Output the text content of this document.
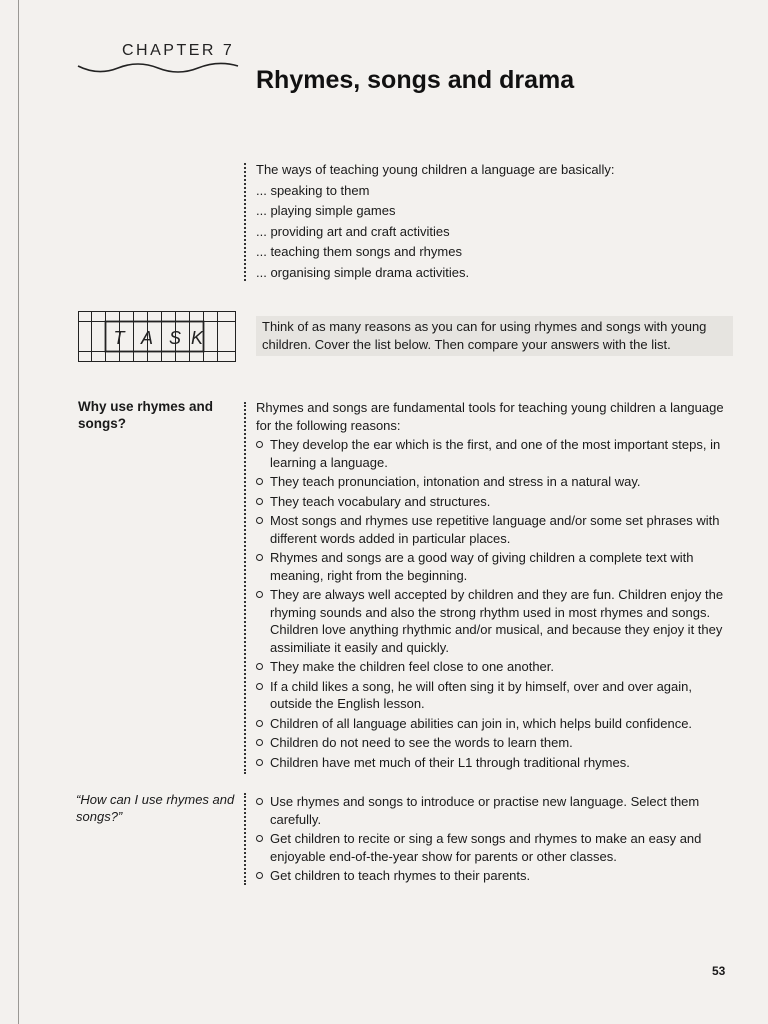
CHAPTER 7
Rhymes, songs and drama

The ways of teaching young children a language are basically:

... speaking to them

... playing simple games

... providing art and craft activities

... teaching them songs and rhymes

... organising simple drama activities.

T A S K
Think of as many reasons as you can for using rhymes and songs with young children. Cover the list below. Then compare your answers with the list.
Why use rhymes and songs?

Rhymes and songs are fundamental tools for teaching young children a language for the following reasons:

They develop the ear which is the first, and one of the most important steps, in learning a language.
They teach pronunciation, intonation and stress in a natural way.
They teach vocabulary and structures.
Most songs and rhymes use repetitive language and/or some set phrases with different words added in particular places.
Rhymes and songs are a good way of giving children a complete text with meaning, right from the beginning.
They are always well accepted by children and they are fun. Children enjoy the rhyming sounds and also the strong rhythm used in most rhymes and songs. Children love anything rhythmic and/or musical, and because they enjoy it they assimiliate it easily and quickly.
They make the children feel close to one another.
If a child likes a song, he will often sing it by himself, over and over again, outside the English lesson.
Children of all language abilities can join in, which helps build confidence.
Children do not need to see the words to learn them.
Children have met much of their L1 through traditional rhymes.
“How can I use rhymes and songs?”
Use rhymes and songs to introduce or practise new language. Select them carefully.
Get children to recite or sing a few songs and rhymes to make an easy and enjoyable end-of-the-year show for parents or other classes.
Get children to teach rhymes to their parents.
53
